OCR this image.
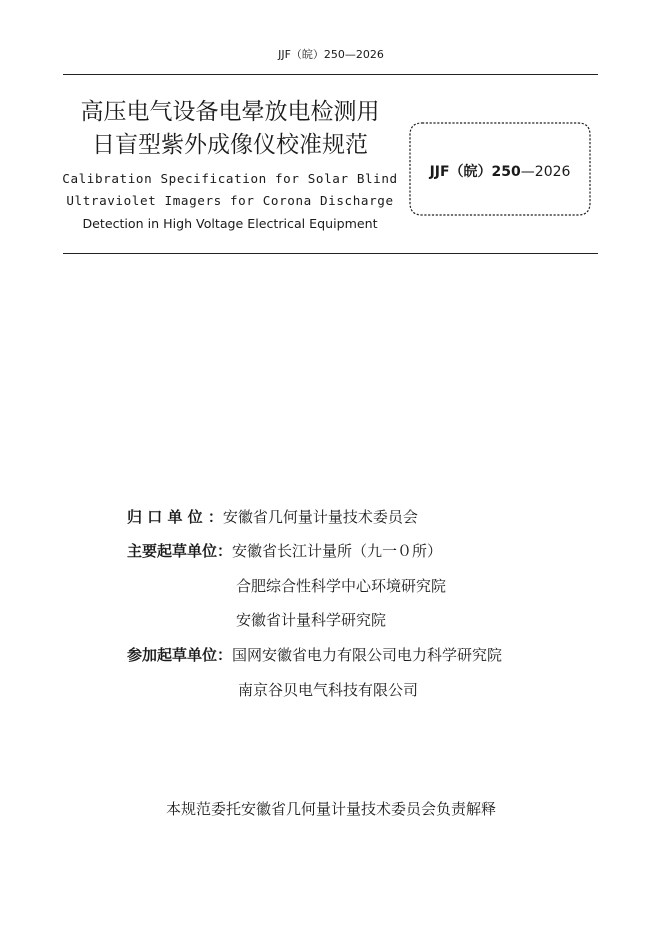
JJF（皖）250—2026
高压电气设备电晕放电检测用
日盲型紫外成像仪校准规范
Calibration Specification for Solar Blind
Ultraviolet Imagers for Corona Discharge
Detection in High Voltage Electrical Equipment
JJF（皖）250—2026
归 口 单 位 ：安徽省几何量计量技术委员会
主要起草单位：安徽省长江计量所（九一０所）
合肥综合性科学中心环境研究院
安徽省计量科学研究院
参加起草单位：国网安徽省电力有限公司电力科学研究院
南京谷贝电气科技有限公司
本规范委托安徽省几何量计量技术委员会负责解释
